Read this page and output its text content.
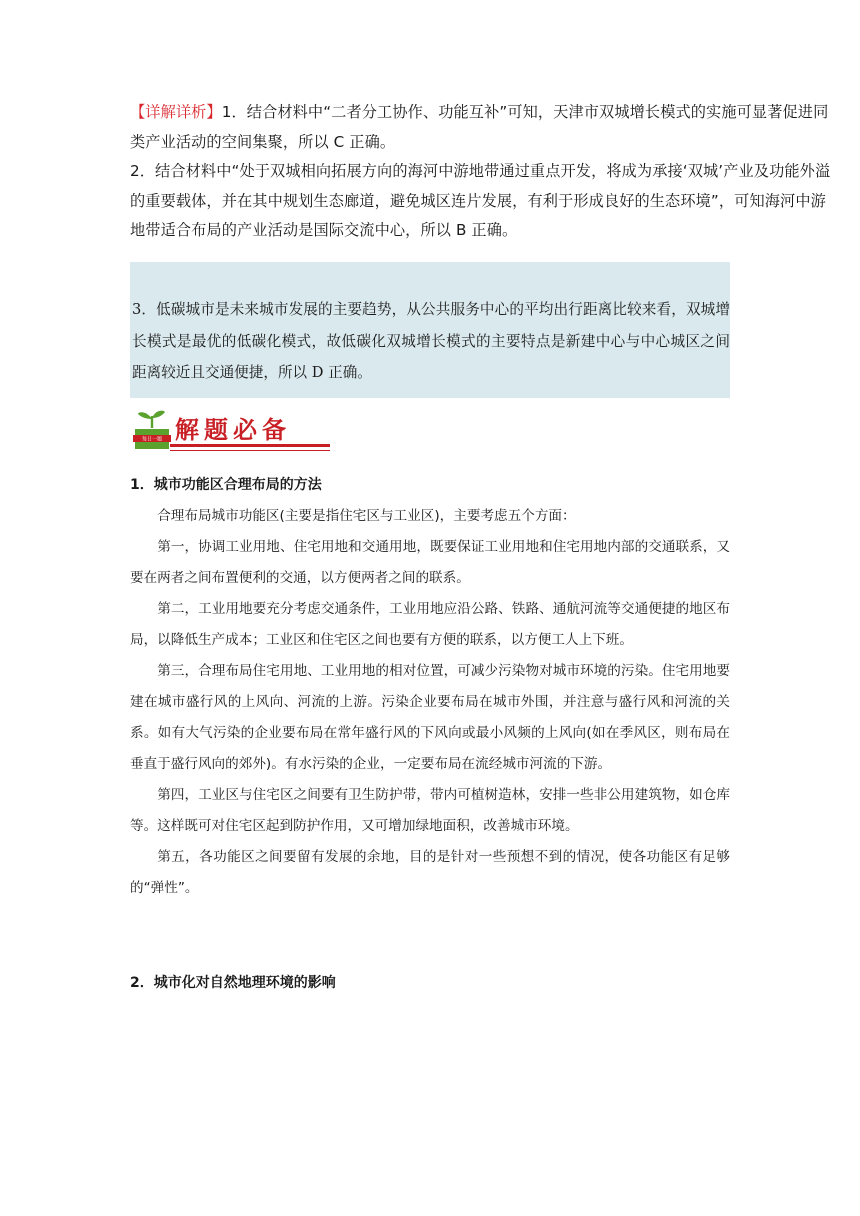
【详解详析】1．结合材料中“二者分工协作、功能互补”可知，天津市双城增长模式的实施可显著促进同类产业活动的空间集聚，所以 C 正确。

2．结合材料中“处于双城相向拓展方向的海河中游地带通过重点开发，将成为承接‘双城’产业及功能外溢的重要载体，并在其中规划生态廊道，避免城区连片发展，有利于形成良好的生态环境”，可知海河中游地带适合布局的产业活动是国际交流中心，所以 B 正确。

3．低碳城市是未来城市发展的主要趋势，从公共服务中心的平均出行距离比较来看，双城增长模式是最优的低碳化模式，故低碳化双城增长模式的主要特点是新建中心与中心城区之间距离较近且交通便捷，所以 D 正确。

每日一题 解题必备
1．城市功能区合理布局的方法

合理布局城市功能区(主要是指住宅区与工业区)，主要考虑五个方面：

第一，协调工业用地、住宅用地和交通用地，既要保证工业用地和住宅用地内部的交通联系，又要在两者之间布置便利的交通，以方便两者之间的联系。

第二，工业用地要充分考虑交通条件，工业用地应沿公路、铁路、通航河流等交通便捷的地区布局，以降低生产成本；工业区和住宅区之间也要有方便的联系，以方便工人上下班。

第三，合理布局住宅用地、工业用地的相对位置，可减少污染物对城市环境的污染。住宅用地要建在城市盛行风的上风向、河流的上游。污染企业要布局在城市外围，并注意与盛行风和河流的关系。如有大气污染的企业要布局在常年盛行风的下风向或最小风频的上风向(如在季风区，则布局在垂直于盛行风向的郊外)。有水污染的企业，一定要布局在流经城市河流的下游。

第四，工业区与住宅区之间要有卫生防护带，带内可植树造林，安排一些非公用建筑物，如仓库等。这样既可对住宅区起到防护作用，又可增加绿地面积，改善城市环境。

第五，各功能区之间要留有发展的余地，目的是针对一些预想不到的情况，使各功能区有足够的“弹性”。

2．城市化对自然地理环境的影响
